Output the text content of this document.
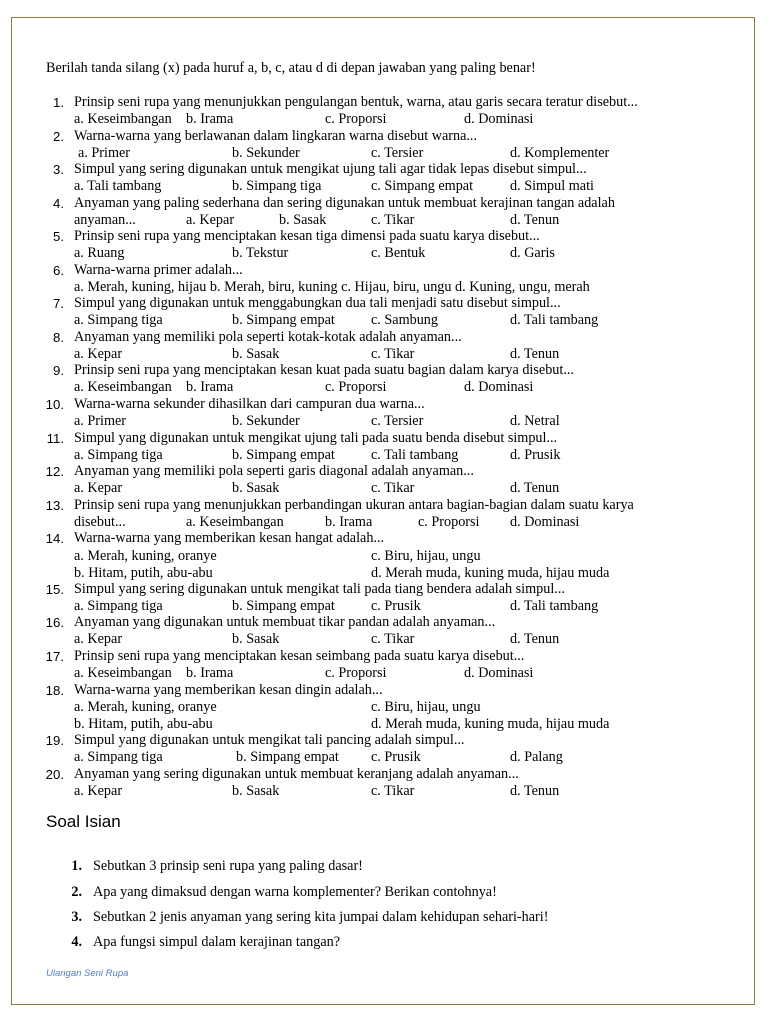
Berilah tanda silang (x) pada huruf a, b, c, atau d di depan jawaban yang paling benar!
1. Prinsip seni rupa yang menunjukkan pengulangan bentuk, warna, atau garis secara teratur disebut...
a. Keseimbangan b. Irama	c. Proporsi	d. Dominasi
2. Warna-warna yang berlawanan dalam lingkaran warna disebut warna...
a. Primer	b. Sekunder	c. Tersier	d. Komplementer
3. Simpul yang sering digunakan untuk mengikat ujung tali agar tidak lepas disebut simpul...
a. Tali tambang	b. Simpang tiga	c. Simpang empat	d. Simpul mati
4. Anyaman yang paling sederhana dan sering digunakan untuk membuat kerajinan tangan adalah
anyaman...	a. Kepar	b. Sasak	c. Tikar	d. Tenun
5. Prinsip seni rupa yang menciptakan kesan tiga dimensi pada suatu karya disebut...
a. Ruang	b. Tekstur	c. Bentuk	d. Garis
6. Warna-warna primer adalah...
a. Merah, kuning, hijau b. Merah, biru, kuning c. Hijau, biru, ungu d. Kuning, ungu, merah
7. Simpul yang digunakan untuk menggabungkan dua tali menjadi satu disebut simpul...
a. Simpang tiga	b. Simpang empat	c. Sambung	d. Tali tambang
8. Anyaman yang memiliki pola seperti kotak-kotak adalah anyaman...
a. Kepar	b. Sasak	c. Tikar	d. Tenun
9. Prinsip seni rupa yang menciptakan kesan kuat pada suatu bagian dalam karya disebut...
a. Keseimbangan b. Irama	c. Proporsi	d. Dominasi
10. Warna-warna sekunder dihasilkan dari campuran dua warna...
a. Primer	b. Sekunder	c. Tersier	d. Netral
11. Simpul yang digunakan untuk mengikat ujung tali pada suatu benda disebut simpul...
a. Simpang tiga	b. Simpang empat	c. Tali tambang	d. Prusik
12. Anyaman yang memiliki pola seperti garis diagonal adalah anyaman...
a. Kepar	b. Sasak	c. Tikar	d. Tenun
13. Prinsip seni rupa yang menunjukkan perbandingan ukuran antara bagian-bagian dalam suatu karya
disebut...	a. Keseimbangan	b. Irama	c. Proporsi d. Dominasi
14. Warna-warna yang memberikan kesan hangat adalah...
a. Merah, kuning, oranye	c. Biru, hijau, ungu
b. Hitam, putih, abu-abu	d. Merah muda, kuning muda, hijau muda
15. Simpul yang sering digunakan untuk mengikat tali pada tiang bendera adalah simpul...
a. Simpang tiga	b. Simpang empat	c. Prusik	d. Tali tambang
16. Anyaman yang digunakan untuk membuat tikar pandan adalah anyaman...
a. Kepar	b. Sasak	c. Tikar	d. Tenun
17. Prinsip seni rupa yang menciptakan kesan seimbang pada suatu karya disebut...
a. Keseimbangan b. Irama	c. Proporsi	d. Dominasi
18. Warna-warna yang memberikan kesan dingin adalah...
a. Merah, kuning, oranye	c. Biru, hijau, ungu
b. Hitam, putih, abu-abu	d. Merah muda, kuning muda, hijau muda
19. Simpul yang digunakan untuk mengikat tali pancing adalah simpul...
a. Simpang tiga	b. Simpang empat c. Prusik	d. Palang
20. Anyaman yang sering digunakan untuk membuat keranjang adalah anyaman...
a. Kepar	b. Sasak	c. Tikar	d. Tenun
Soal Isian
1. Sebutkan 3 prinsip seni rupa yang paling dasar!
2. Apa yang dimaksud dengan warna komplementer? Berikan contohnya!
3. Sebutkan 2 jenis anyaman yang sering kita jumpai dalam kehidupan sehari-hari!
4. Apa fungsi simpul dalam kerajinan tangan?
Ulangan Seni Rupa
